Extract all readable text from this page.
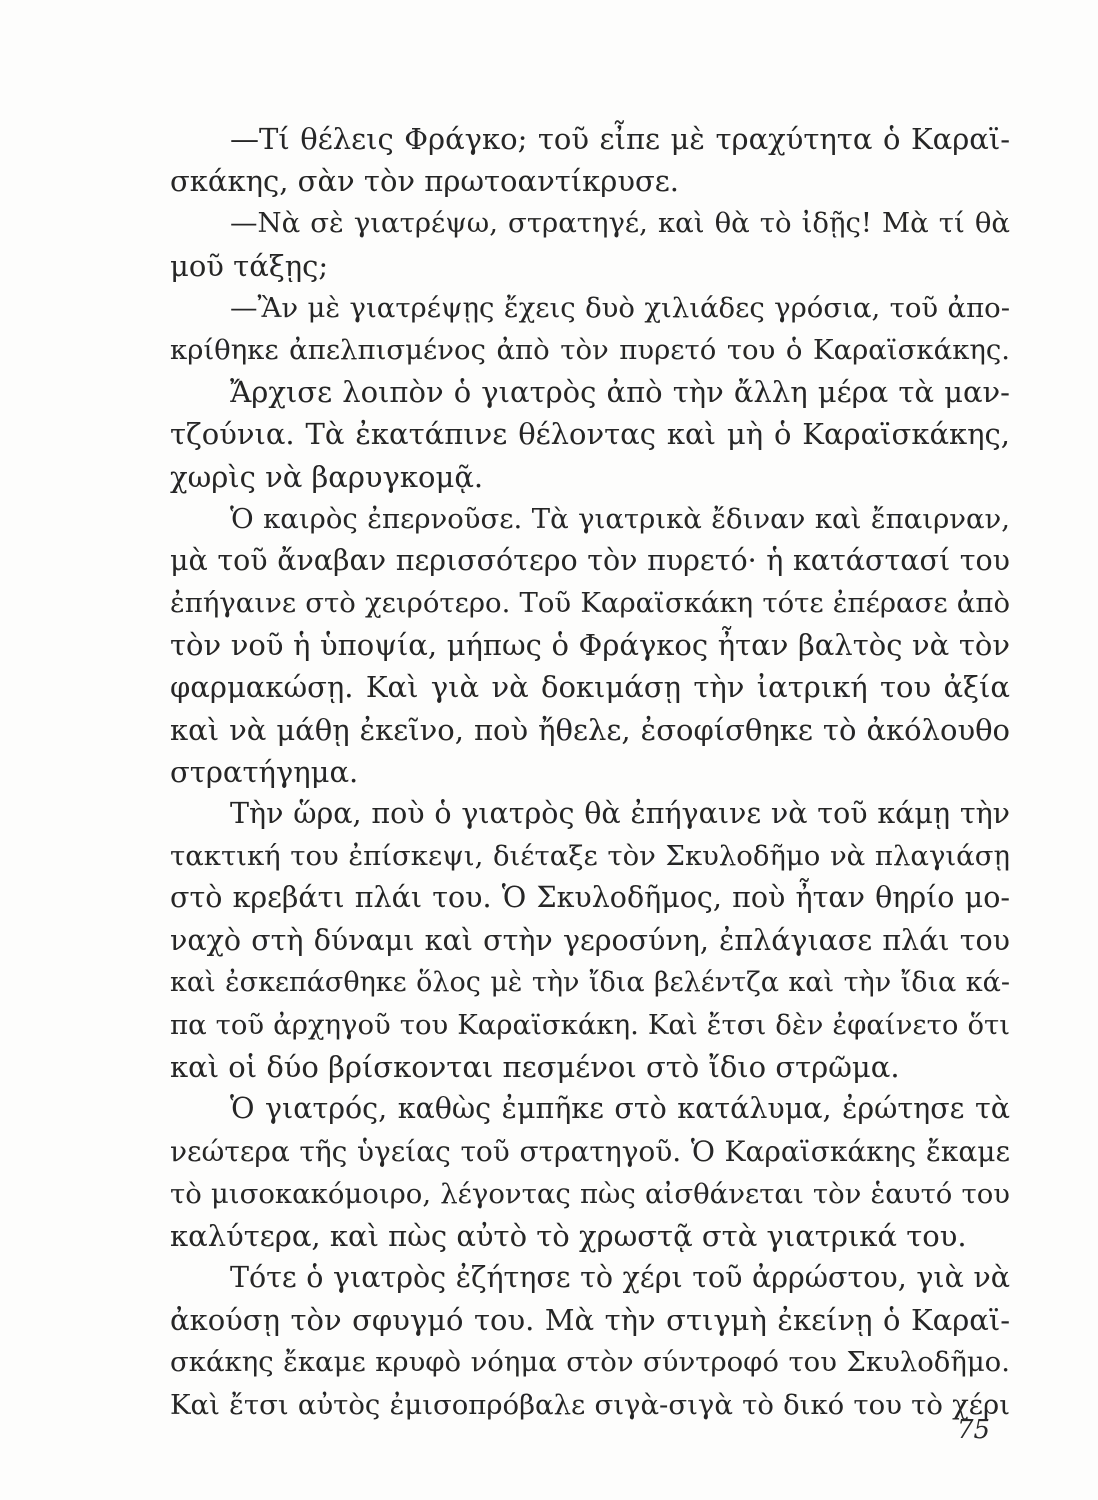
—Τί θέλεις Φράγκο; τοῦ εἶπε μὲ τραχύτητα ὁ Καραϊ-
σκάκης, σὰν τὸν πρωτοαντίκρυσε.
—Νὰ σὲ γιατρέψω, στρατηγέ, καὶ θὰ τὸ ἰδῇς! Μὰ τί θὰ
μοῦ τάξῃς;
—Ἂν μὲ γιατρέψῃς ἔχεις δυὸ χιλιάδες γρόσια, τοῦ ἀπο-
κρίθηκε ἀπελπισμένος ἀπὸ τὸν πυρετό του ὁ Καραϊσκάκης.
Ἄρχισε λοιπὸν ὁ γιατρὸς ἀπὸ τὴν ἄλλη μέρα τὰ μαν-
τζούνια. Τὰ ἐκατάπινε θέλοντας καὶ μὴ ὁ Καραϊσκάκης,
χωρὶς νὰ βαρυγκομᾷ.
Ὁ καιρὸς ἐπερνοῦσε. Τὰ γιατρικὰ ἔδιναν καὶ ἔπαιρναν,
μὰ τοῦ ἄναβαν περισσότερο τὸν πυρετό· ἡ κατάστασί του
ἐπήγαινε στὸ χειρότερο. Τοῦ Καραϊσκάκη τότε ἐπέρασε ἀπὸ
τὸν νοῦ ἡ ὑποψία, μήπως ὁ Φράγκος ἦταν βαλτὸς νὰ τὸν
φαρμακώσῃ. Καὶ γιὰ νὰ δοκιμάσῃ τὴν ἰατρική του ἀξία
καὶ νὰ μάθῃ ἐκεῖνο, ποὺ ἤθελε, ἐσοφίσθηκε τὸ ἀκόλουθο
στρατήγημα.
Τὴν ὥρα, ποὺ ὁ γιατρὸς θὰ ἐπήγαινε νὰ τοῦ κάμῃ τὴν
τακτική του ἐπίσκεψι, διέταξε τὸν Σκυλοδῆμο νὰ πλαγιάσῃ
στὸ κρεβάτι πλάι του. Ὁ Σκυλοδῆμος, ποὺ ἦταν θηρίο μο-
ναχὸ στὴ δύναμι καὶ στὴν γεροσύνη, ἐπλάγιασε πλάι του
καὶ ἐσκεπάσθηκε ὅλος μὲ τὴν ἴδια βελέντζα καὶ τὴν ἴδια κά-
πα τοῦ ἀρχηγοῦ του Καραϊσκάκη. Καὶ ἔτσι δὲν ἐφαίνετο ὅτι
καὶ οἱ δύο βρίσκονται πεσμένοι στὸ ἴδιο στρῶμα.
Ὁ γιατρός, καθὼς ἐμπῆκε στὸ κατάλυμα, ἐρώτησε τὰ
νεώτερα τῆς ὑγείας τοῦ στρατηγοῦ. Ὁ Καραϊσκάκης ἔκαμε
τὸ μισοκακόμοιρο, λέγοντας πὼς αἰσθάνεται τὸν ἑαυτό του
καλύτερα, καὶ πὼς αὐτὸ τὸ χρωστᾷ στὰ γιατρικά του.
Τότε ὁ γιατρὸς ἐζήτησε τὸ χέρι τοῦ ἀρρώστου, γιὰ νὰ
ἀκούσῃ τὸν σφυγμό του. Μὰ τὴν στιγμὴ ἐκείνῃ ὁ Καραϊ-
σκάκης ἔκαμε κρυφὸ νόημα στὸν σύντροφό του Σκυλοδῆμο.
Καὶ ἔτσι αὐτὸς ἐμισοπρόβαλε σιγὰ-σιγὰ τὸ δικό του τὸ χέρι
75
